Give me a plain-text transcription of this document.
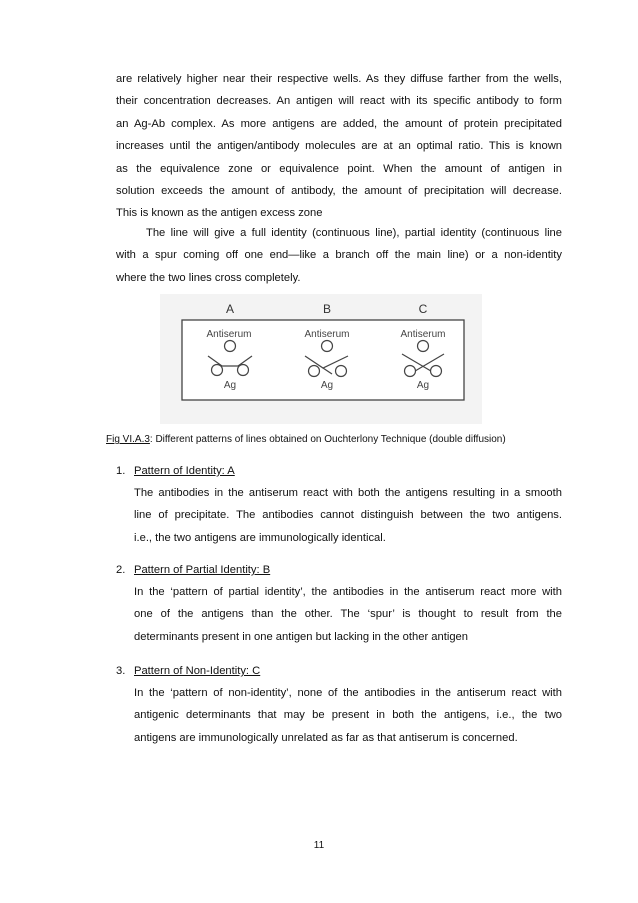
are relatively higher near their respective wells. As they diffuse farther from the wells,
their concentration decreases. An antigen will react with its specific antibody to form
an Ag-Ab complex. As more antigens are added, the amount of protein precipitated
increases until the antigen/antibody molecules are at an optimal ratio. This is known
as the equivalence zone or equivalence point. When the amount of antigen in
solution exceeds the amount of antibody, the amount of precipitation will decrease.
This is known as the antigen excess zone
The line will give a full identity (continuous line), partial identity (continuous line
with a spur coming off one end—like a branch off the main line) or a non-identity
where the two lines cross completely.
A	B	C
Antiserum
Ag
Antiserum
Ag
Antiserum
Ag
Fig VI.A.3: Different patterns of lines obtained on Ouchterlony Technique (double diffusion)
1. Pattern of Identity: A
The antibodies in the antiserum react with both the antigens resulting in a smooth
line of precipitate. The antibodies cannot distinguish between the two antigens.
i.e., the two antigens are immunologically identical.
2. Pattern of Partial Identity: B
In the ‘pattern of partial identity’, the antibodies in the antiserum react more with
one of the antigens than the other. The ‘spur’ is thought to result from the
determinants present in one antigen but lacking in the other antigen
3. Pattern of Non-Identity: C
In the ‘pattern of non-identity’, none of the antibodies in the antiserum react with
antigenic determinants that may be present in both the antigens, i.e., the two
antigens are immunologically unrelated as far as that antiserum is concerned.
11
